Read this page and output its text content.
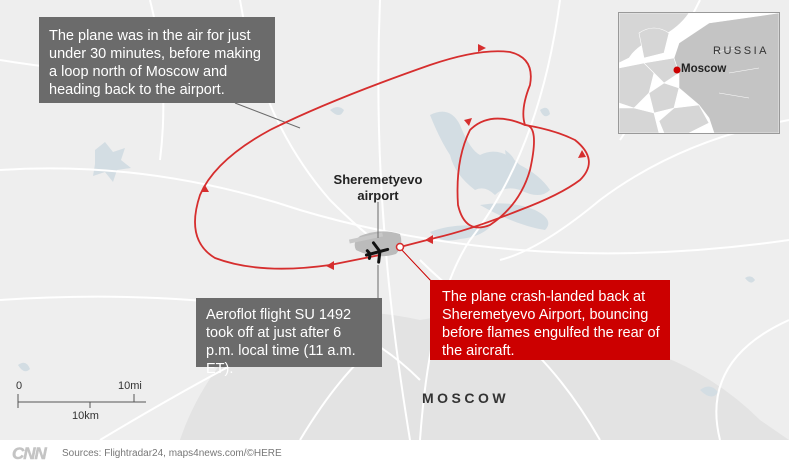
The plane was in the air for just under 30 minutes, before making a loop north of Moscow and heading back to the airport.
Aeroflot flight SU 1492 took off at just after 6 p.m. local time (11 a.m. ET).
The plane crash-landed back at Sheremetyevo Airport, bouncing before flames engulfed the rear of the aircraft.
Sheremetyevo airport
MOSCOW
RUSSIA
Moscow
0	10mi
10km
CNN Sources: Flightradar24, maps4news.com/©HERE
